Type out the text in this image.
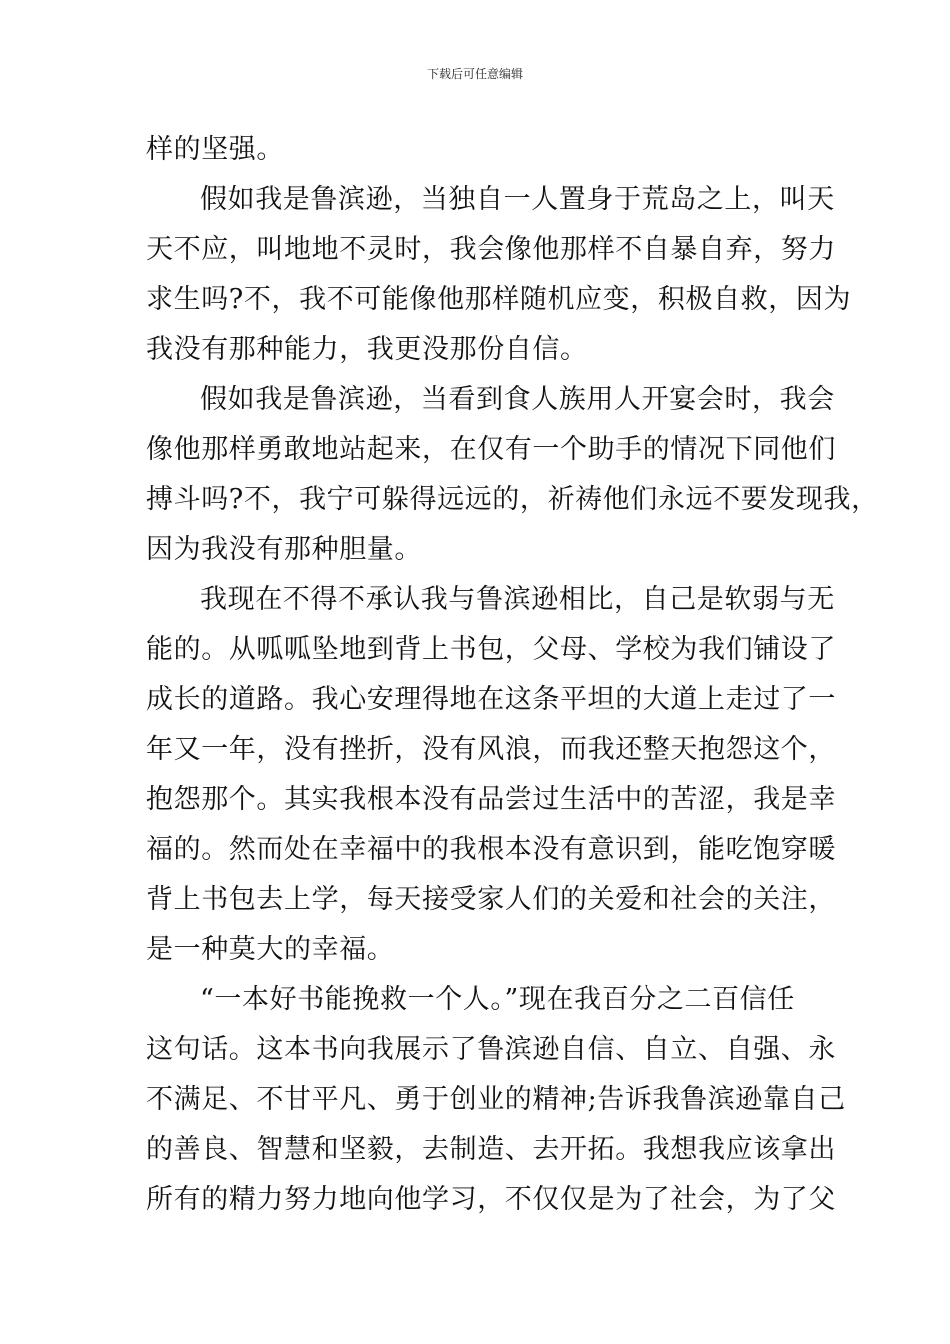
下载后可任意编辑
样的坚强。
假如我是鲁滨逊，当独自一人置身于荒岛之上，叫天
天不应，叫地地不灵时，我会像他那样不自暴自弃，努力
求生吗?不，我不可能像他那样随机应变，积极自救，因为
我没有那种能力，我更没那份自信。
假如我是鲁滨逊，当看到食人族用人开宴会时，我会
像他那样勇敢地站起来，在仅有一个助手的情况下同他们
搏斗吗?不，我宁可躲得远远的，祈祷他们永远不要发现我，
因为我没有那种胆量。
我现在不得不承认我与鲁滨逊相比，自己是软弱与无
能的。从呱呱坠地到背上书包，父母、学校为我们铺设了
成长的道路。我心安理得地在这条平坦的大道上走过了一
年又一年，没有挫折，没有风浪，而我还整天抱怨这个，
抱怨那个。其实我根本没有品尝过生活中的苦涩，我是幸
福的。然而处在幸福中的我根本没有意识到，能吃饱穿暖
背上书包去上学，每天接受家人们的关爱和社会的关注，
是一种莫大的幸福。
“一本好书能挽救一个人。”现在我百分之二百信任
这句话。这本书向我展示了鲁滨逊自信、自立、自强、永
不满足、不甘平凡、勇于创业的精神;告诉我鲁滨逊靠自己
的善良、智慧和坚毅，去制造、去开拓。我想我应该拿出
所有的精力努力地向他学习，不仅仅是为了社会，为了父
